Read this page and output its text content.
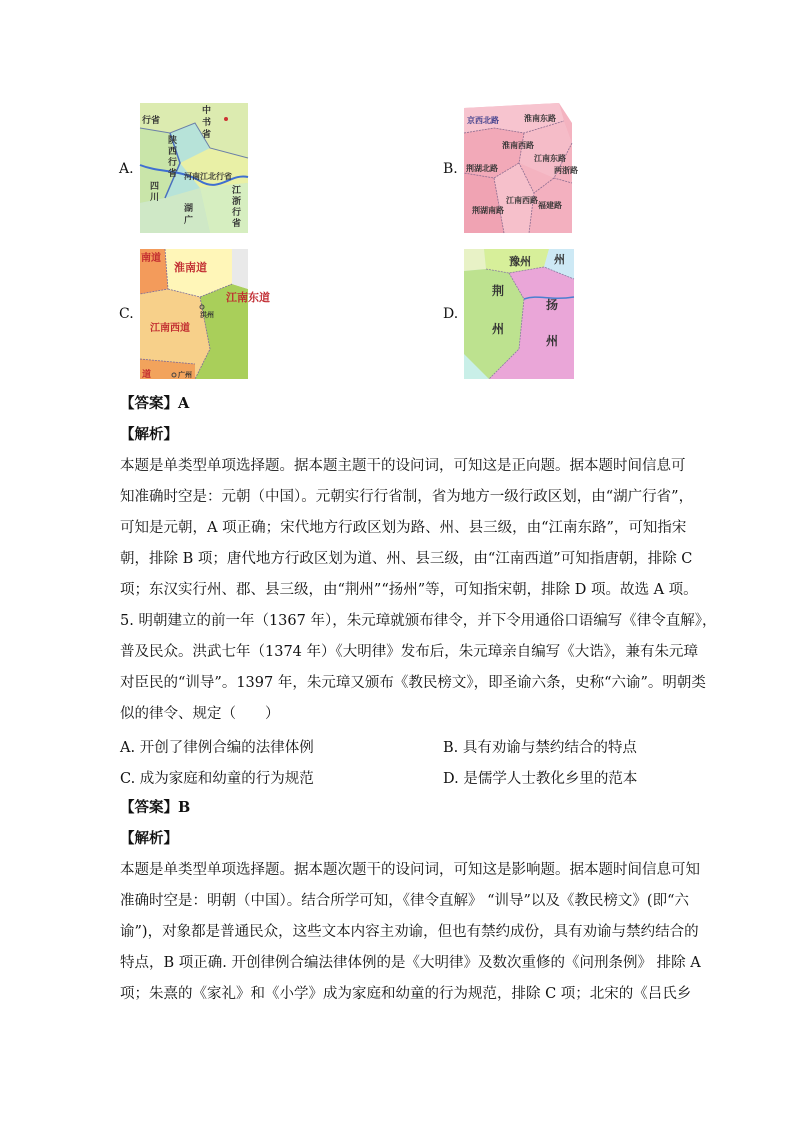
A.
行省
中
书
省
陕
西
行
省
四
川
河南江北行省
湖
广
江
浙
行
省
B.
京西北路	淮南东路
淮南西路
荆湖北路
江南东路
两浙路
荆湖南路
江南西路
福建路
C.
南道
淮南道
江南东道
江南西道
洪州
道	广州
D.
豫州 州
荆
扬
州
州
【答案】A
【解析】
本题是单类型单项选择题。据本题主题干的设问词，可知这是正向题。据本题时间信息可
知准确时空是：元朝（中国）。元朝实行行省制，省为地方一级行政区划，由“湖广行省”，
可知是元朝，A 项正确；宋代地方行政区划为路、州、县三级，由“江南东路”，可知指宋
朝，排除 B 项；唐代地方行政区划为道、州、县三级，由“江南西道”可知指唐朝，排除 C
项；东汉实行州、郡、县三级，由“荆州”“扬州”等，可知指宋朝，排除 D 项。故选 A 项。
5. 明朝建立的前一年（1367 年），朱元璋就颁布律令，并下令用通俗口语编写《律令直解》，
普及民众。洪武七年（1374 年）《大明律》发布后，朱元璋亲自编写《大诰》，兼有朱元璋
对臣民的“训导”。1397 年，朱元璋又颁布《教民榜文》，即圣谕六条，史称“六谕”。明朝类
似的律令、规定（　　）
A. 开创了律例合编的法律体例	B. 具有劝谕与禁约结合的特点
C. 成为家庭和幼童的行为规范	D. 是儒学人士教化乡里的范本
【答案】B
【解析】
本题是单类型单项选择题。据本题次题干的设问词，可知这是影响题。据本题时间信息可知
准确时空是：明朝（中国）。结合所学可知，《律令直解》 “训导”以及《教民榜文》(即“六
谕”)，对象都是普通民众，这些文本内容主劝谕，但也有禁约成份，具有劝谕与禁约结合的
特点，B 项正确. 开创律例合编法律体例的是《大明律》及数次重修的《问刑条例》 排除 A
项；朱熹的《家礼》和《小学》成为家庭和幼童的行为规范，排除 C 项；北宋的《吕氏乡
